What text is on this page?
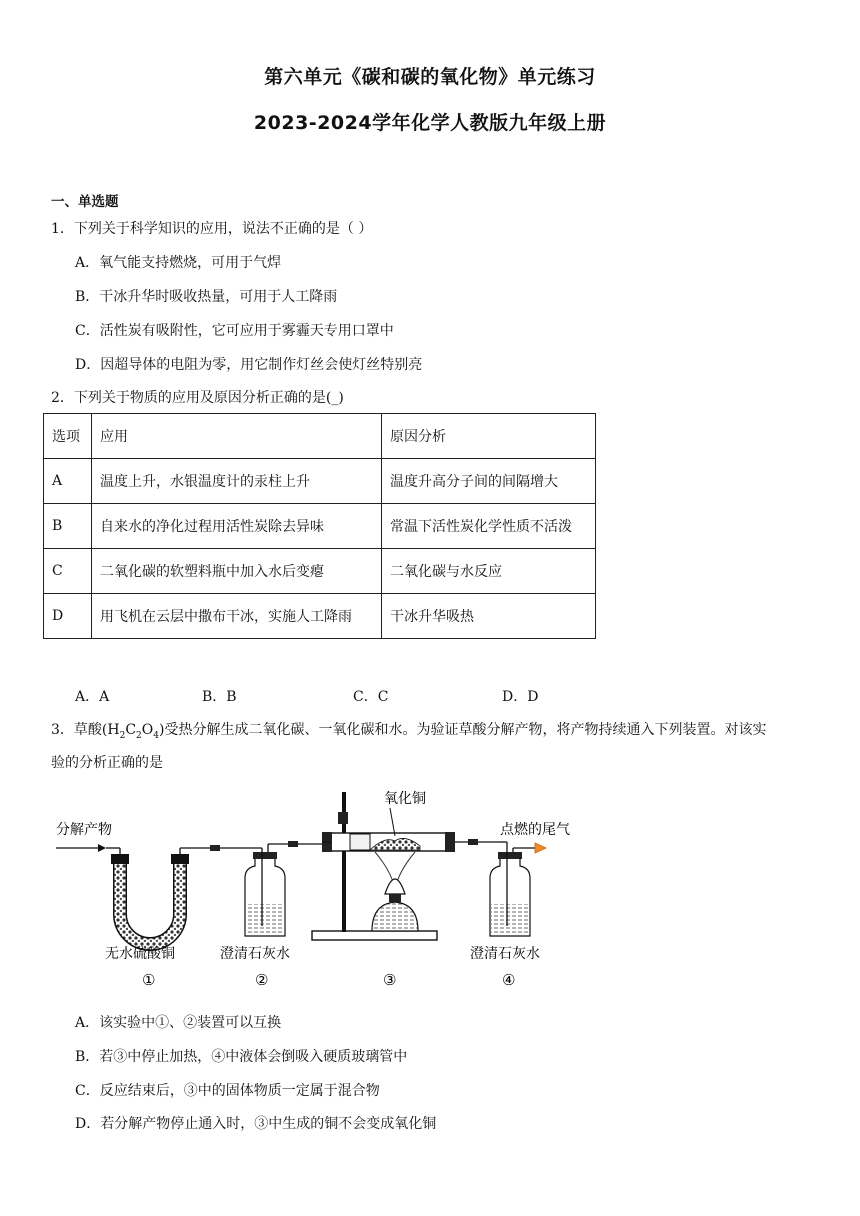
第六单元《碳和碳的氧化物》单元练习
2023-2024学年化学人教版九年级上册
一、单选题
1．下列关于科学知识的应用，说法不正确的是（ ）
A．氧气能支持燃烧，可用于气焊
B．干冰升华时吸收热量，可用于人工降雨
C．活性炭有吸附性，它可应用于雾霾天专用口罩中
D．因超导体的电阻为零，用它制作灯丝会使灯丝特别亮
2．下列关于物质的应用及原因分析正确的是(_)
选项	应用	原因分析
A	温度上升，水银温度计的汞柱上升	温度升高分子间的间隔增大
B	自来水的净化过程用活性炭除去异味	常温下活性炭化学性质不活泼
C	二氧化碳的软塑料瓶中加入水后变瘪	二氧化碳与水反应
D	用飞机在云层中撒布干冰，实施人工降雨	干冰升华吸热
A．A	B．B	C．C	D．D
3．草酸$(H_2C_2O_4)$受热分解生成二氧化碳、一氧化碳和水。为验证草酸分解产物，将产物持续通入下列装置。对该实
验的分析正确的是
分解产物
氧化铜
点燃的尾气
无水硫酸铜	澄清石灰水	澄清石灰水
①	②	③	④
A．该实验中①、②装置可以互换
B．若③中停止加热，④中液体会倒吸入硬质玻璃管中
C．反应结束后，③中的固体物质一定属于混合物
D．若分解产物停止通入时，③中生成的铜不会变成氧化铜
